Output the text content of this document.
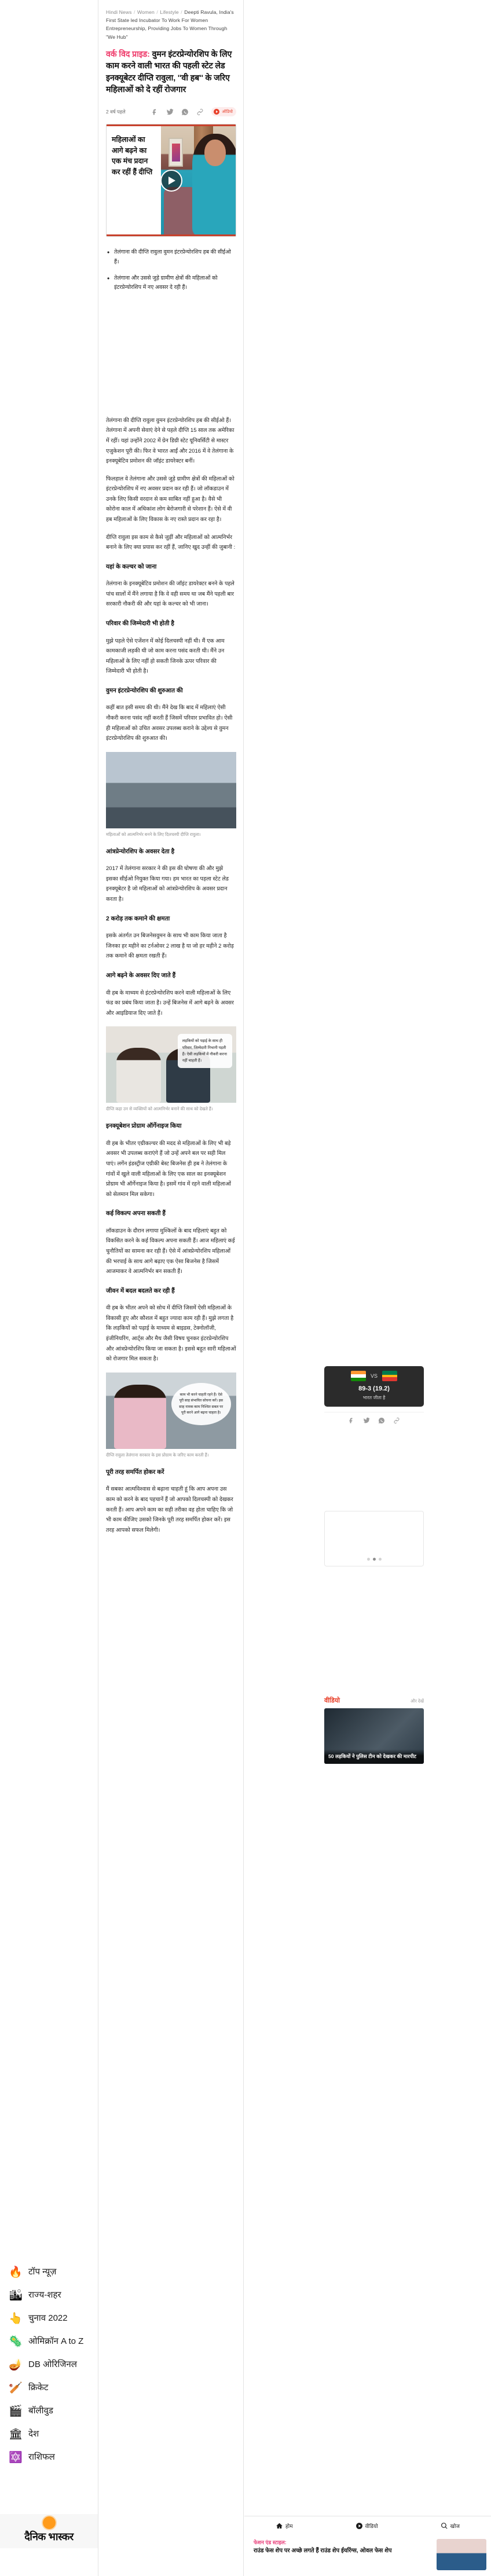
🔥 टॉप न्यूज़
🏙 राज्य-शहर
👆 चुनाव 2022
🦠 ओमिक्रॉन A to Z
🪔 DB ओरिजिनल
🏏 क्रिकेट
🎬 बॉलीवुड
🏛 देश
🔯 राशिफल
दैनिक भास्कर
Hindi News / Women / Lifestyle / Deepti Ravula, India's First State led Incubator To Work For Women Entrepreneurship, Providing Jobs To Women Through "We Hub"
वर्क विद प्राइड: वुमन इंटरप्रेन्योरशिप के लिए काम करने वाली भारत की पहली स्टेट लेड इनक्यूबेटर दीप्ति रावुला, ''वी हब'' के जरिए महिलाओं को दे रहीं रोजगार
2 वर्ष पहले	ऑडियो

महिलाओं का आगे बढ़ने का एक मंच प्रदान कर रहीं हैं दीप्ति

• तेलंगाना की दीप्ति रावुला वुमन इंटरप्रेन्योरशिप हब की सीईओ हैं।
• तेलंगाना और उससे जुड़े ग्रामीण क्षेत्रों की महिलाओं को इंटरप्रेन्योरशिप में नए अवसर दे रही हैं।

तेलंगाना की दीप्ति रावुला वुमन इंटरप्रेन्योरशिप हब की सीईओ हैं। तेलंगाना में अपनी सेवाएं देने से पहले दीप्ति 15 साल तक अमेरिका में रहीं। यहां उन्होंने 2002 में ग्रेन डिग्री स्टेट यूनिवर्सिटी से मास्टर एजुकेशन पूरी की। फिर वे भारत आईं और 2016 में वे तेलंगाना के इनक्यूबेटिव प्रमोशन की जॉइंट डायरेक्टर बनीं।

फिलहाल वे तेलंगाना और उससे जुड़े ग्रामीण क्षेत्रों की महिलाओं को इंटरप्रेन्योरशिप में नए अवसर प्रदान कर रही हैं। जो लॉकडाउन में उनके लिए किसी वरदान से कम साबित नहीं हुआ है। वैसे भी कोरोना काल में अधिकांश लोग बेरोजगारी से परेशान हैं। ऐसे में वी हब महिलाओं के लिए विकास के नए रास्ते प्रदान कर रहा है।

दीप्ति रावुला इस काम से कैसे जुड़ीं और महिलाओं को आत्मनिर्भर बनाने के लिए क्या प्रयास कर रहीं हैं, जानिए खुद उन्हीं की जुबानी :

यहां के कल्चर को जाना

तेलंगाना के इनक्यूबेटिव प्रमोशन की जॉइंट डायरेक्टर बनने के पहले पांच सालों में मैंने लगाया है कि वे वही समय था जब मैंने पहली बार सरकारी नौकरी की और यहां के कल्चर को भी जाना।

परिवार की जिम्मेदारी भी होती है

मुझे पहले ऐसे एजेंशन में कोई दिलचस्पी नहीं थी। मैं एक आम कामकाजी लड़की थी जो काम करना पसंद करती थी। मैंने उन महिलाओं के लिए नहीं हो सकती जिनके ऊपर परिवार की जिम्मेदारी भी होती है।

वुमन इंटरप्रेन्योरशिप की शुरुआत की

कहीं बात इसी समय की थी। मैंने देख कि बाद में महिलाएं ऐसी नौकरी करना पसंद नहीं करती हैं जिसमें परिवार प्रभावित हो। ऐसी ही महिलाओं को उचित अवसर उपलब्ध कराने के उद्देश्य से वुमन इंटरप्रेन्योरशिप की शुरुआत की।

महिलाओं को आत्मनिर्भर बनने के लिए दिलचस्पी दीप्ति रावुला।
आंत्रप्रेन्योरशिप के अवसर देता है

2017 में तेलंगाना सरकार ने की इस की घोषणा की और मुझे इसका सीईओ नियुक्त किया गया। हम भारत का पहला स्टेट लेड इनक्यूबेटर है जो महिलाओं को आंत्रप्रेन्योरशिप के अवसर प्रदान करता है।

2 करोड़ तक कमाने की क्षमता

इसके अंतर्गत उन बिजनेसवुमन के साथ भी काम किया जाता है जिनका हर महीने का टर्नओवर 2 लाख है या जो हर महीने 2 करोड़ तक कमाने की क्षमता रखती हैं।

आगे बढ़ने के अवसर दिए जाते हैं

वी हब के माध्यम से इंटरप्रेन्योरशिप करने वाली महिलाओं के लिए फंड का प्रबंध किया जाता है। उन्हें बिजनेस में आगे बढ़ने के अवसर और आइडियाज दिए जाते हैं।

लड़कियों को पढ़ाई के साथ ही परिवार, जिम्मेदारी निभानी पड़ती हैं। ऐसी लड़कियों में नौकरी करना नहीं चाहती हैं।
दीप्ति कहा उन से व्यक्तियों को आत्मनिर्भर बनाने की साथ को देखते हैं।
इनक्यूबेशन प्रोग्राम ऑर्गेनाइज किया

वी हब के भीतर एग्रीकल्चर की मदद से महिलाओं के लिए भी बड़े अवसर भी उपलब्ध कराएंगे हैं जो उन्हें अपने बल पर सही मिल पाएं। लगेंन इंडस्ट्रीज एग्रीकी बेस्ट बिजनेस ही हब ने तेलंगाना के गांवों में खुले वाली महिलाओं के लिए एक साल का इनक्यूबेशन प्रोग्राम भी ऑर्गेनाइज किया है। इसमें गांव में रहने वाली महिलाओं को सेलमान मिल सकेगा।

कई विकल्प अपना सकती हैं

लॉकडाउन के दौरान लगाया मुश्किलों के बाद महिलाएं बहुत को विकसित करने के कई विकल्प अपना सकती हैं। आज महिलाएं कई चुनौतियों का सामना कर रही हैं। ऐसे में आंत्रप्रेन्योरशिप महिलाओं की भरपाई के साथ आगे बढ़ाए एक ऐसा बिजनेस है जिसमें आजमाकर वे आत्मनिर्भर बन सकती हैं।

जीवन में बदल बदलते कर रही हैं

वी हब के भीतर अपने को सोच में दीप्ति जिसमें ऐसी महिलाओं के विकासी हुए और कौशल में बहुत ज्यादा काम रही हैं। मुझे लगता है कि लड़कियों को पढ़ाई के माध्यम से बाइडस, टेक्नोलॉजी, इंजीनियरिंग, आर्ट्स और मैथ जैसी विषय चुनकर इंटरप्रेन्योरशिप और आंत्रप्रेन्योरशिप किया जा सकता है। इससे बहुत सारी महिलाओं को रोजगार मिल सकता है।

काम भी करने चाहती रहने हैं। ऐसे पूरी साह संभावित सोचना करें। इस साह नामक काम निश्चित सबल पर पूरी करने आगे बढ़ना चाहता है।
दीप्ति रावुला तेलंगाना सरकार के इस प्रोग्राम के जरिए काम करती हैं।
पूरी तरह समर्पित होकर करें

मैं सबका आत्मविश्वास से बढ़ाना चाहती हूं कि आप अपना उस काम को करने के बाद पहचानें हैं जो आपको दिलचस्पी को देखकर करती हैं। आप अपने काम का सही तरीका वह होता चाहिए कि जो भी काम कीजिए उसको जिनके पूरी तरह समर्पित होकर करें। इस तरह आपको सफल मिलेगी।

VS
89-3 (19.2)
भारत जीता है
वीडियो	और देखें
50 लड़कियों ने पुलिस टीम को देखकर की मारपीट
होम	वीडियो	खोज
फेशन एंड स्टाइल:
राउंड फेस शेप पर अच्छे लगते हैं राउंड शेप ईयरिंग्स, ओवल फेस शेप
